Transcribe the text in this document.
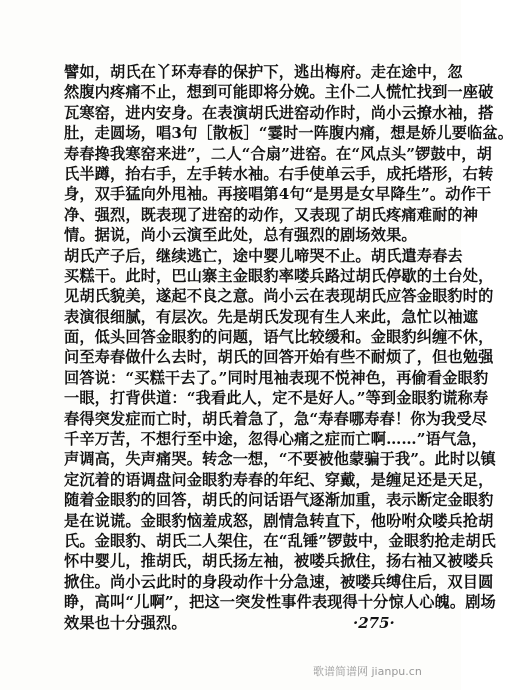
譬如，胡氏在丫环寿春的保护下，逃出梅府。走在途中，忽
然腹内疼痛不止，想到可能即将分娩。主仆二人慌忙找到一座破
瓦寒窑，进内安身。在表演胡氏进窑动作时，尚小云撩水袖，搭
肚，走圆场，唱3句［散板］“霎时一阵腹内痛，想是娇儿要临盆。
寿春搀我寒窑来进”，二人“合扇”进窑。在“风点头”锣鼓中，胡
氏半蹲，抬右手，左手转水袖。右手使单云手，成托塔形，右转
身，双手猛向外甩袖。再接唱第4句“是男是女早降生”。动作干
净、强烈，既表现了进窑的动作，又表现了胡氏疼痛难耐的神
情。据说，尚小云演至此处，总有强烈的剧场效果。
胡氏产子后，继续逃亡，途中婴儿啼哭不止。胡氏遣寿春去
买糕干。此时，巴山寨主金眼豹率喽兵路过胡氏停歇的土台处，
见胡氏貌美，遂起不良之意。尚小云在表现胡氏应答金眼豹时的
表演很细腻，有层次。先是胡氏发现有生人来此，急忙以袖遮
面，低头回答金眼豹的问题，语气比较缓和。金眼豹纠缠不休，
问至寿春做什么去时，胡氏的回答开始有些不耐烦了，但也勉强
回答说：“买糕干去了。”同时甩袖表现不悦神色，再偷看金眼豹
一眼，打背供道：“我看此人，定不是好人。”等到金眼豹谎称寿
春得突发症而亡时，胡氏着急了，急“寿春哪寿春！你为我受尽
千辛万苦，不想行至中途，忽得心痛之症而亡啊……”语气急，
声调高，失声痛哭。转念一想，“不要被他蒙骗于我”。此时以镇
定沉着的语调盘问金眼豹寿春的年纪、穿戴，是缠足还是天足，
随着金眼豹的回答，胡氏的问话语气逐渐加重，表示断定金眼豹
是在说谎。金眼豹恼羞成怒，剧情急转直下，他吩咐众喽兵抢胡
氏。金眼豹、胡氏二人架住，在“乱锤”锣鼓中，金眼豹抢走胡氏
怀中婴儿，推胡氏，胡氏扬左袖，被喽兵掀住，扬右袖又被喽兵
掀住。尚小云此时的身段动作十分急速，被喽兵缚住后，双目圆
睁，高叫“儿啊”，把这一突发性事件表现得十分惊人心魄。剧场
效果也十分强烈。	·275·
歌谱简谱网 jianpu.cn
